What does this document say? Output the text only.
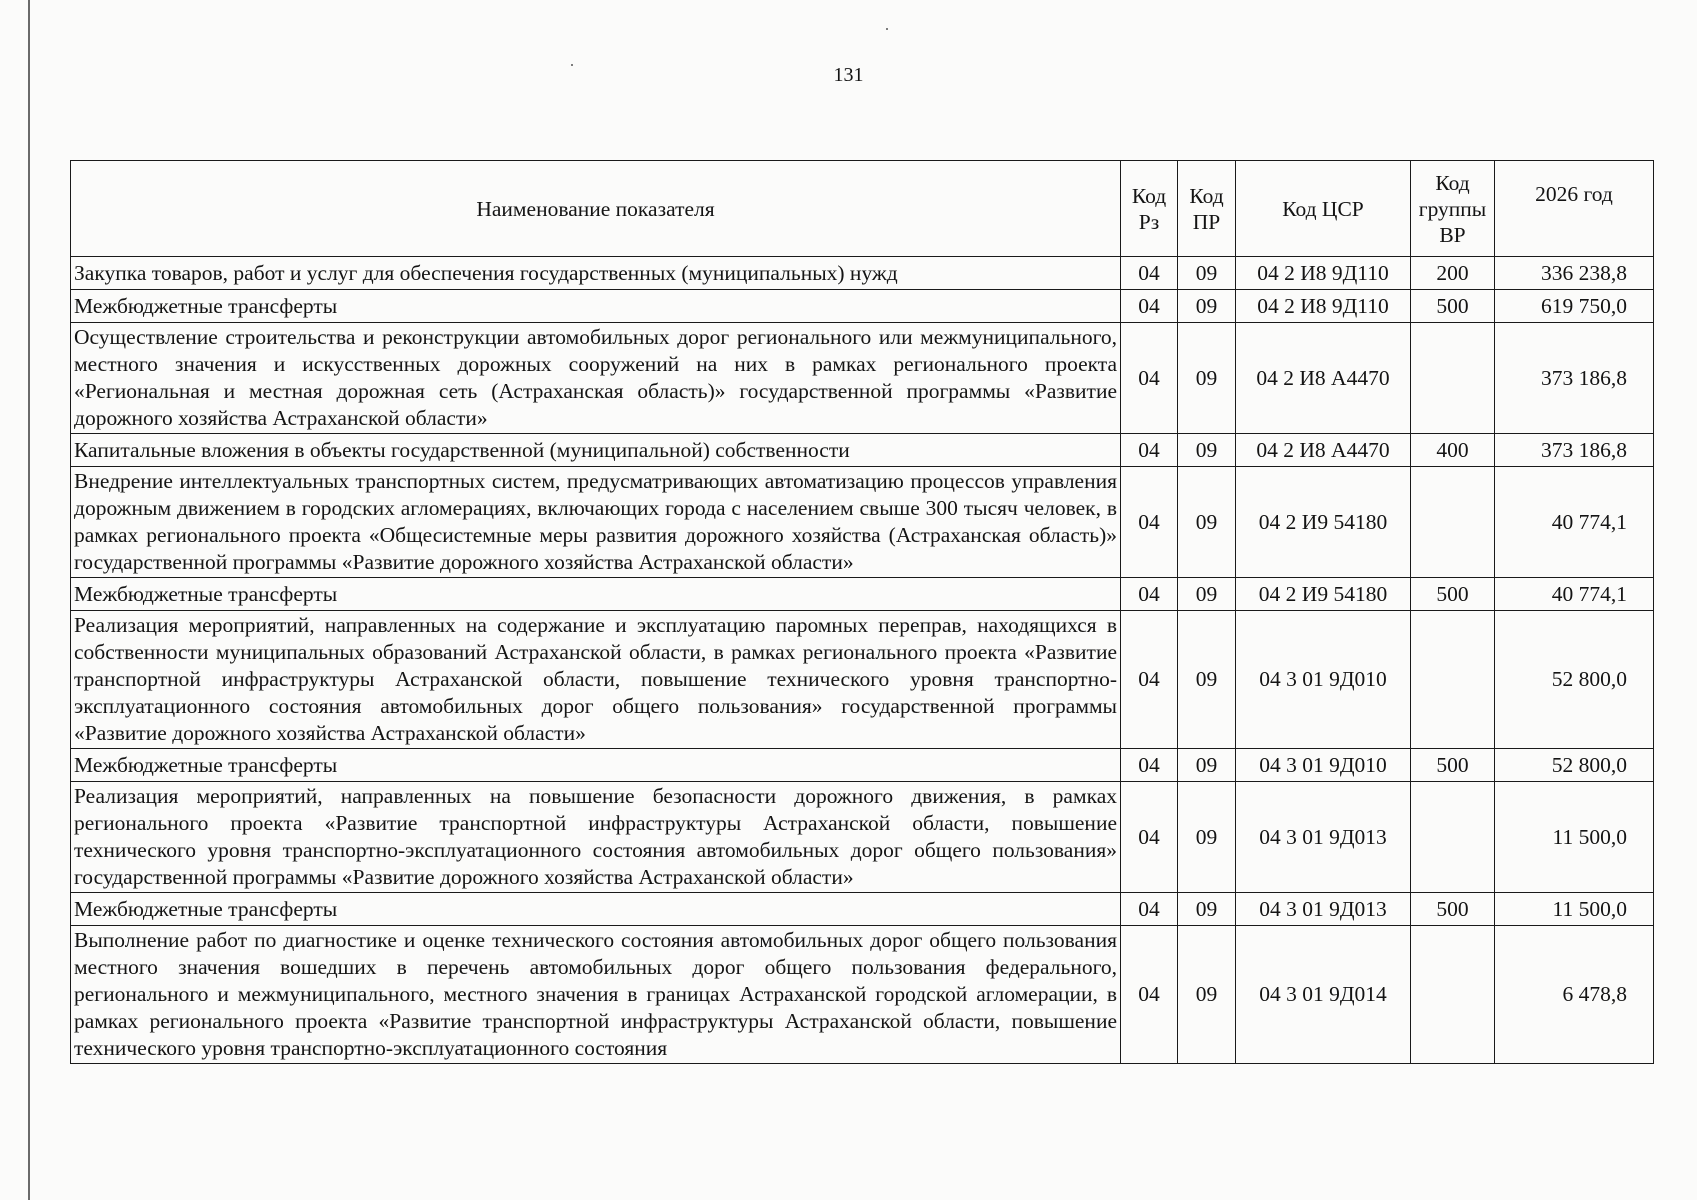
131
Наименование показателя	Код Рз	Код ПР	Код ЦСР	Код группы ВР	2026 год
Закупка товаров, работ и услуг для обеспечения государственных (муниципальных) нужд	04	09	04 2 И8 9Д110	200	336 238,8
Межбюджетные трансферты	04	09	04 2 И8 9Д110	500	619 750,0
Осуществление строительства и реконструкции автомобильных дорог регионального или межмуниципального, местного значения и искусственных дорожных сооружений на них в рамках регионального проекта «Региональная и местная дорожная сеть (Астраханская область)» государственной программы «Развитие дорожного хозяйства Астраханской области»	04	09	04 2 И8 А4470		373 186,8
Капитальные вложения в объекты государственной (муниципальной) собственности	04	09	04 2 И8 А4470	400	373 186,8
Внедрение интеллектуальных транспортных систем, предусматривающих автоматизацию процессов управления дорожным движением в городских агломерациях, включающих города с населением свыше 300 тысяч человек, в рамках регионального проекта «Общесистемные меры развития дорожного хозяйства (Астраханская область)» государственной программы «Развитие дорожного хозяйства Астраханской области»	04	09	04 2 И9 54180		40 774,1
Межбюджетные трансферты	04	09	04 2 И9 54180	500	40 774,1
Реализация мероприятий, направленных на содержание и эксплуатацию паромных переправ, находящихся в собственности муниципальных образований Астраханской области, в рамках регионального проекта «Развитие транспортной инфраструктуры Астраханской области, повышение технического уровня транспортно-эксплуатационного состояния автомобильных дорог общего пользования» государственной программы «Развитие дорожного хозяйства Астраханской области»	04	09	04 3 01 9Д010		52 800,0
Межбюджетные трансферты	04	09	04 3 01 9Д010	500	52 800,0
Реализация мероприятий, направленных на повышение безопасности дорожного движения, в рамках регионального проекта «Развитие транспортной инфраструктуры Астраханской области, повышение технического уровня транспортно-эксплуатационного состояния автомобильных дорог общего пользования» государственной программы «Развитие дорожного хозяйства Астраханской области»	04	09	04 3 01 9Д013		11 500,0
Межбюджетные трансферты	04	09	04 3 01 9Д013	500	11 500,0
Выполнение работ по диагностике и оценке технического состояния автомобильных дорог общего пользования местного значения вошедших в перечень автомобильных дорог общего пользования федерального, регионального и межмуниципального, местного значения в границах Астраханской городской агломерации, в рамках регионального проекта «Развитие транспортной инфраструктуры Астраханской области, повышение технического уровня транспортно-эксплуатационного состояния	04	09	04 3 01 9Д014		6 478,8
